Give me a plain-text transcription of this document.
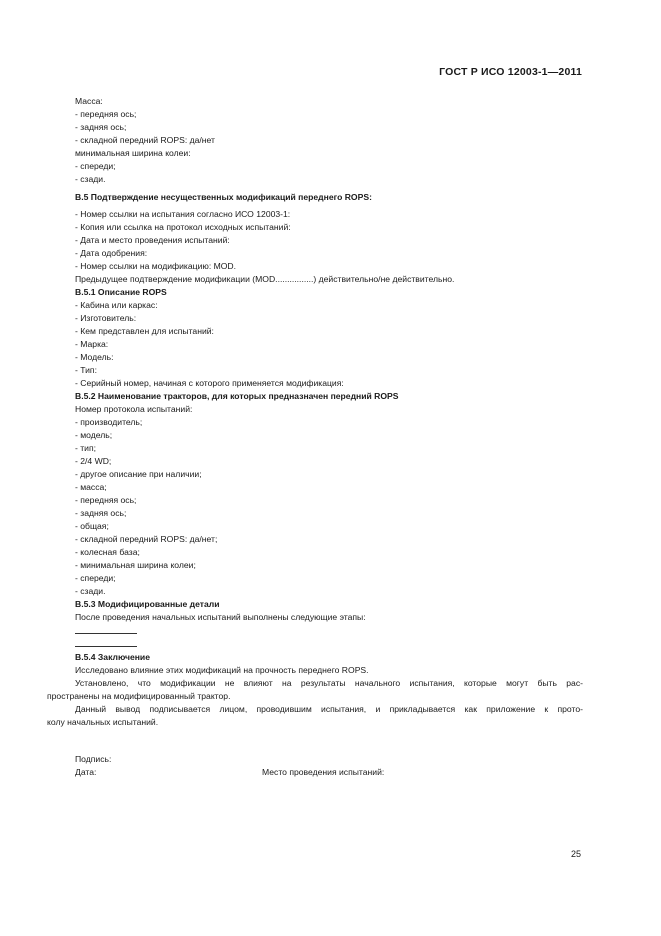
ГОСТ Р ИСО 12003-1—2011
Масса:
- передняя ось;
- задняя ось;
- складной передний ROPS: да/нет
минимальная ширина колеи:
- спереди;
- сзади.
В.5 Подтверждение несущественных модификаций переднего ROPS:
- Номер ссылки на испытания согласно ИСО 12003-1:
- Копия или ссылка на протокол исходных испытаний:
- Дата и место проведения испытаний:
- Дата одобрения:
- Номер ссылки на модификацию: MOD.
Предыдущее подтверждение модификации (MOD................) действительно/не действительно.
В.5.1 Описание ROPS
- Кабина или каркас:
- Изготовитель:
- Кем представлен для испытаний:
- Марка:
- Модель:
- Тип:
- Серийный номер, начиная с которого применяется модификация:
В.5.2 Наименование тракторов, для которых предназначен передний ROPS
Номер протокола испытаний:
- производитель;
- модель;
- тип;
- 2/4 WD;
- другое описание при наличии;
- масса;
- передняя ось;
- задняя ось;
- общая;
- складной передний ROPS: да/нет;
- колесная база;
- минимальная ширина колеи;
- спереди;
- сзади.
В.5.3 Модифицированные детали
После проведения начальных испытаний выполнены следующие этапы:
В.5.4 Заключение
Исследовано влияние этих модификаций на прочность переднего ROPS.
Установлено, что модификации не влияют на результаты начального испытания, которые могут быть рас-
пространены на модифицированный трактор.
Данный вывод подписывается лицом, проводившим испытания, и прикладывается как приложение к прото-
колу начальных испытаний.
Подпись:
Дата:	Место проведения испытаний:
25
